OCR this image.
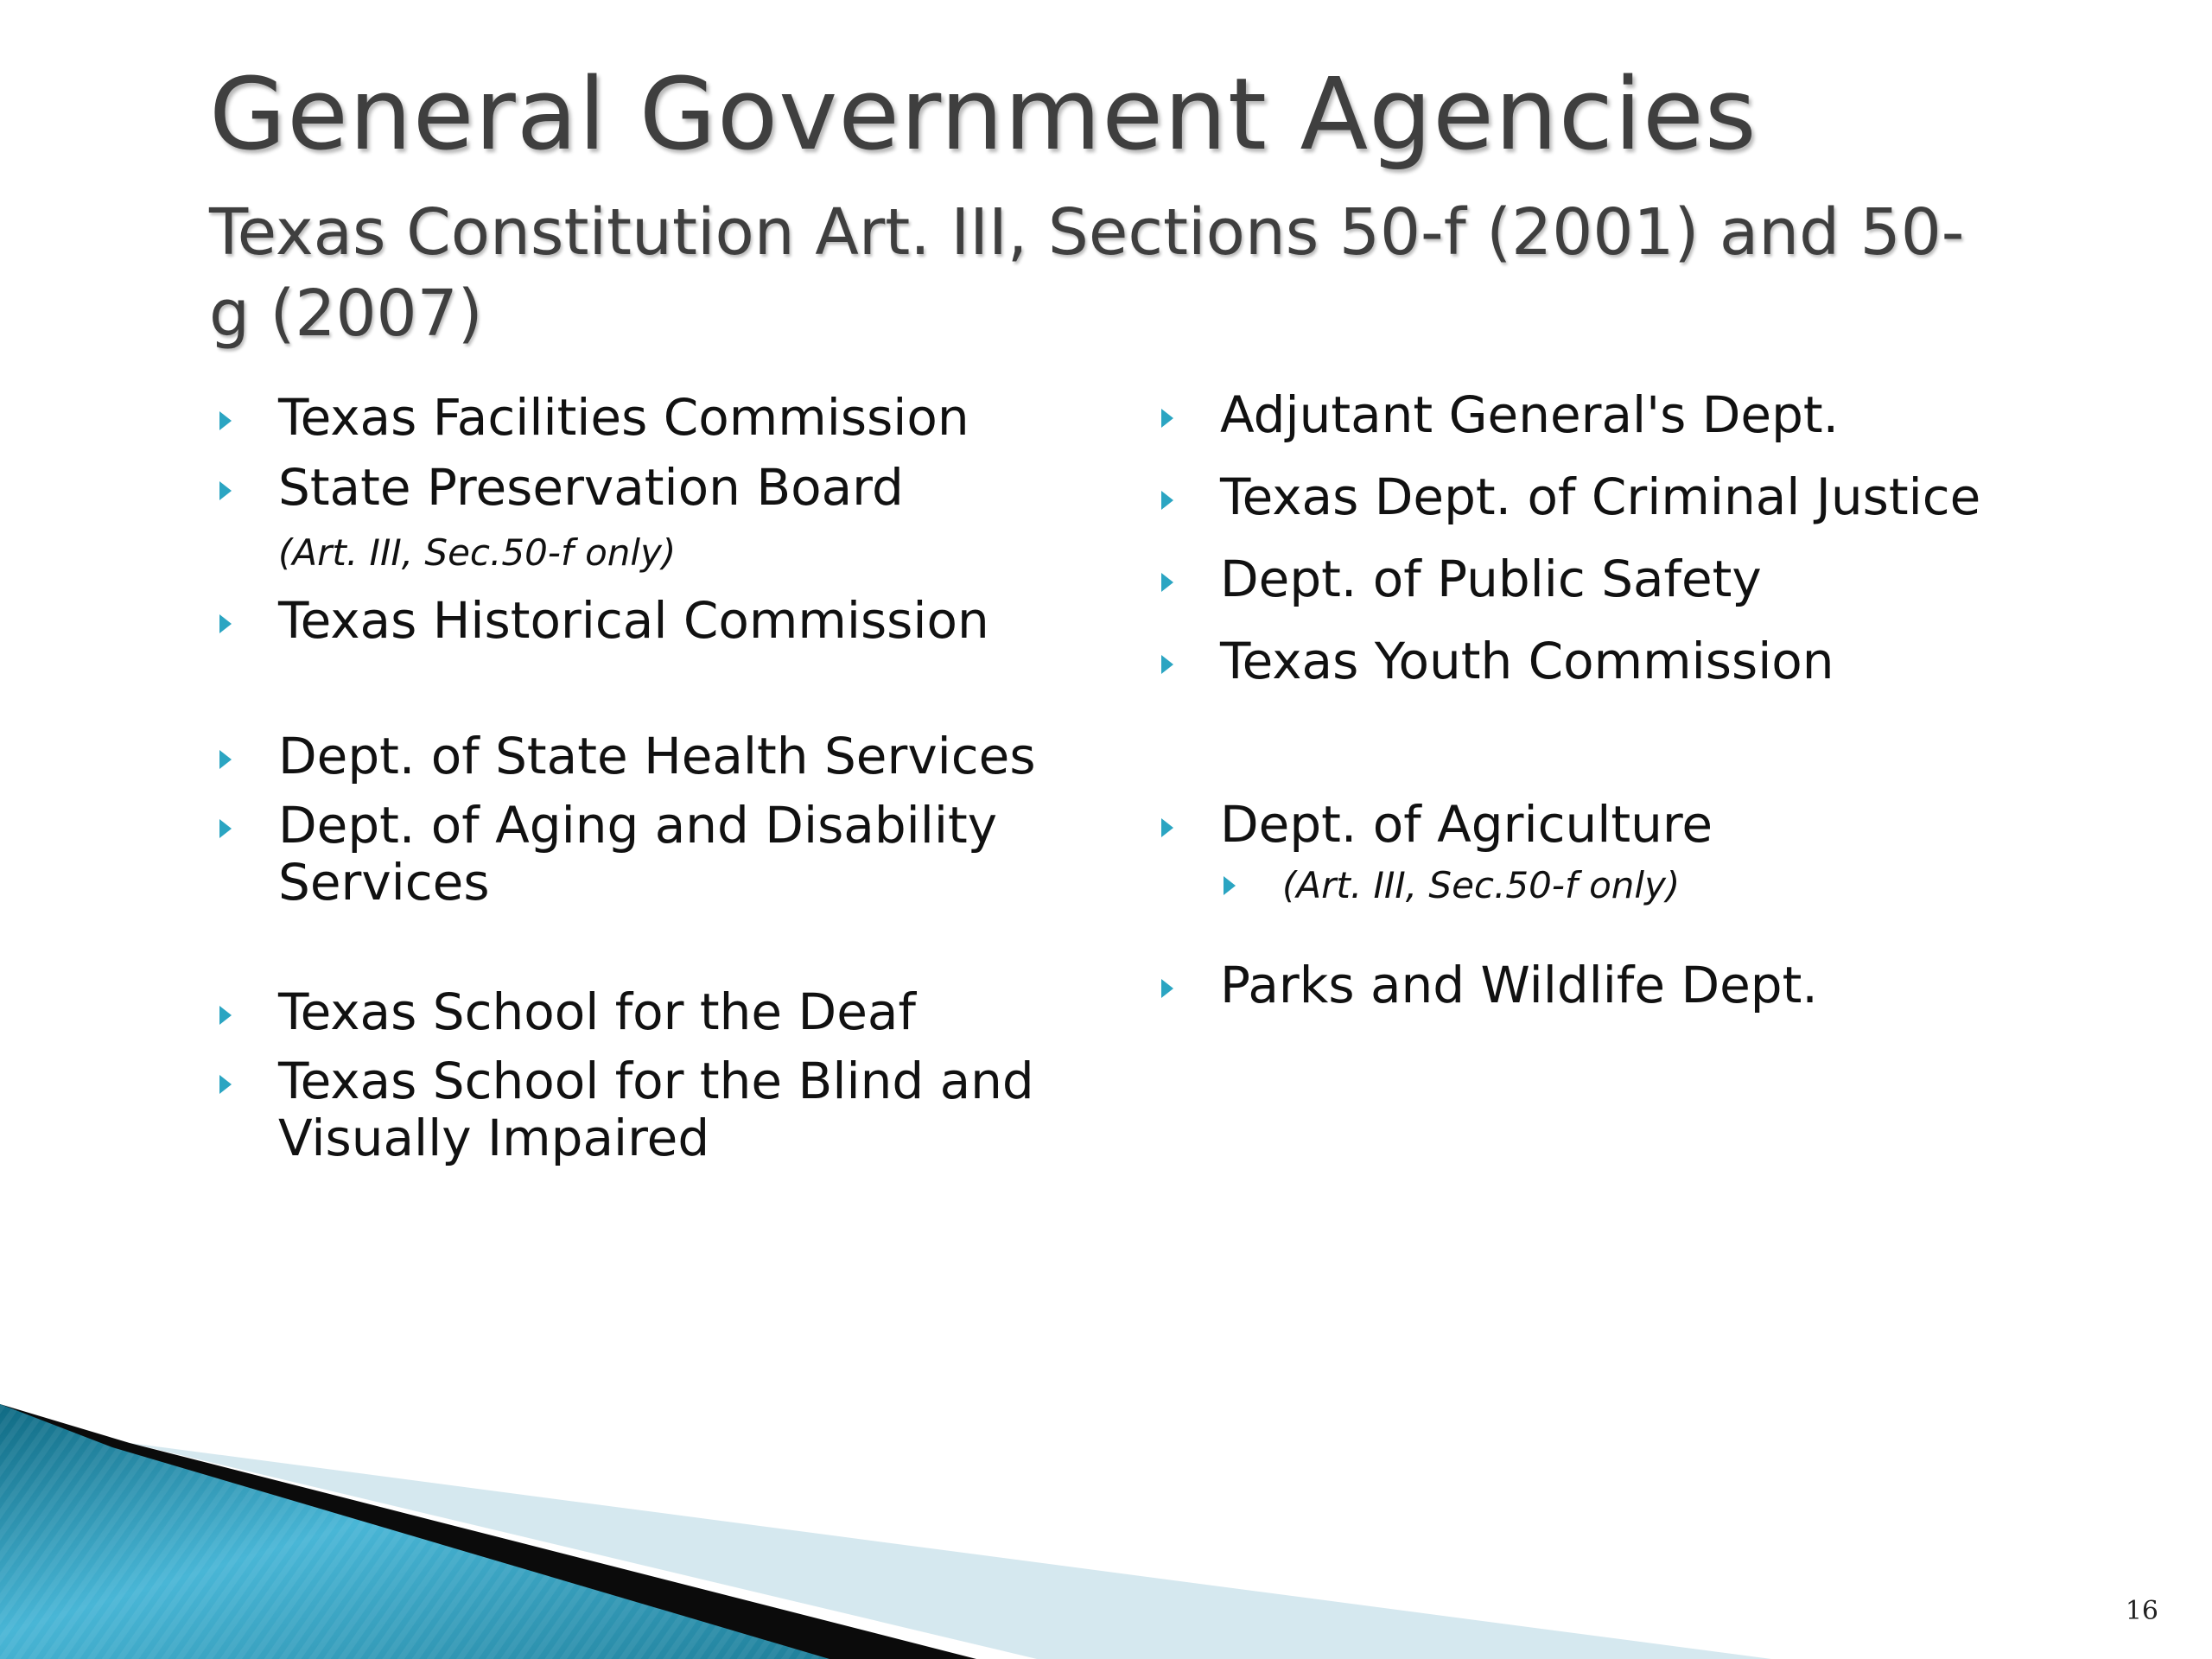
General Government Agencies
Texas Constitution Art. III, Sections 50-f (2001) and 50-g (2007)
Texas Facilities Commission
State Preservation Board
(Art. III, Sec.50-f only)
Texas Historical Commission
Dept. of State Health Services
Dept. of Aging and Disability Services
Texas School for the Deaf
Texas School for the Blind and Visually Impaired
Adjutant General's Dept.
Texas Dept. of Criminal Justice
Dept. of Public Safety
Texas Youth Commission
Dept. of Agriculture
(Art. III, Sec.50-f only)
Parks and Wildlife Dept.
16
